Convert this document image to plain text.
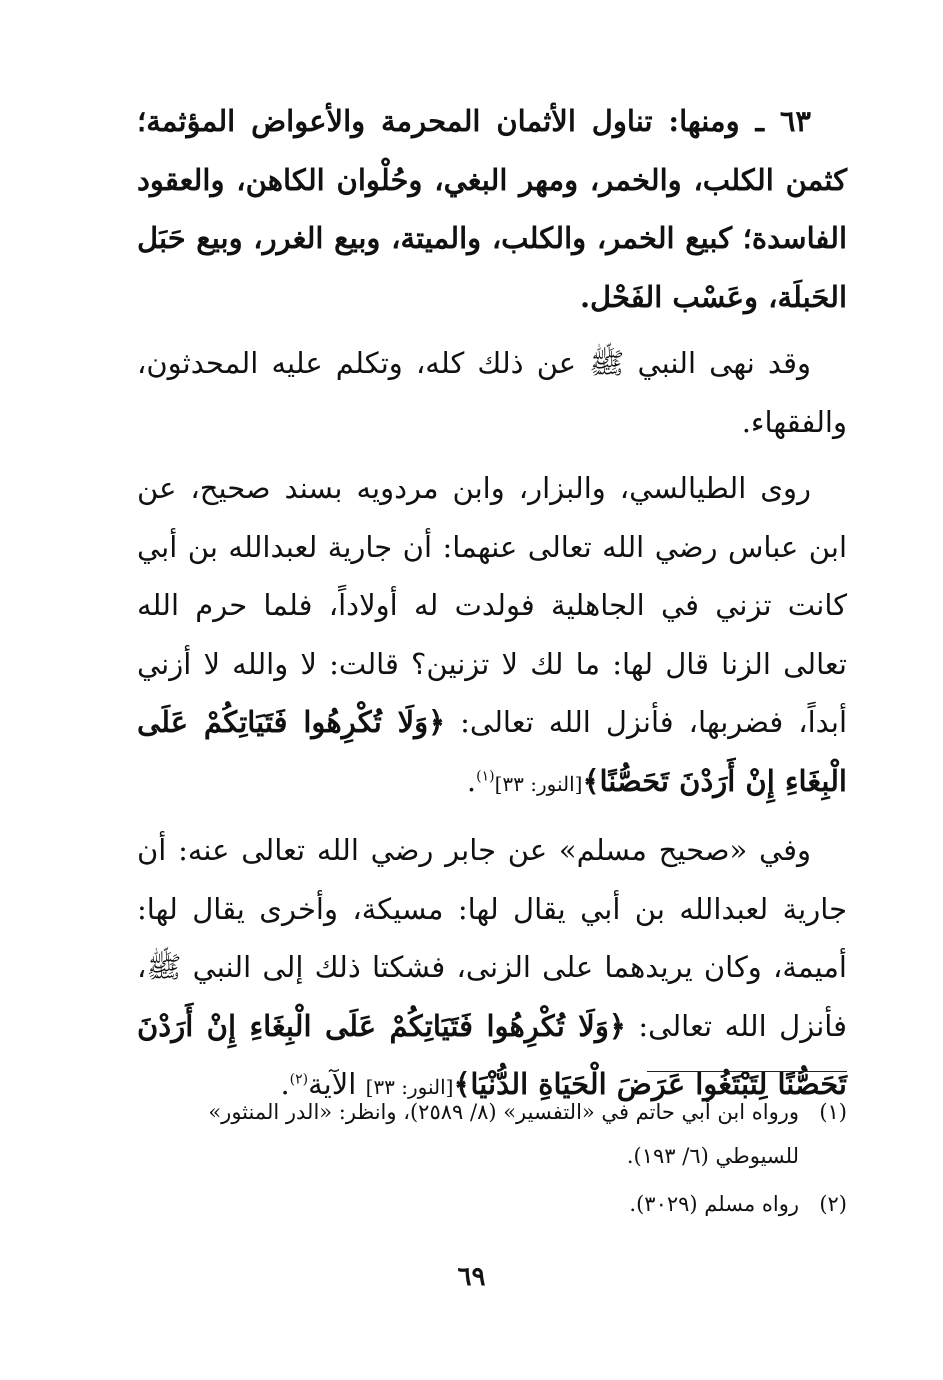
٦٣ ـ ومنها: تناول الأثمان المحرمة والأعواض المؤثمة؛ كثمن الكلب، والخمر، ومهر البغي، وحُلْوان الكاهن، والعقود الفاسدة؛ كبيع الخمر، والكلب، والميتة، وبيع الغرر، وبيع حَبَل الحَبلَة، وعَسْب الفَحْل.

وقد نهى النبي ﷺ عن ذلك كله، وتكلم عليه المحدثون، والفقهاء.

روى الطيالسي، والبزار، وابن مردويه بسند صحيح، عن ابن عباس رضي الله تعالى عنهما: أن جارية لعبدالله بن أبي كانت تزني في الجاهلية فولدت له أولاداً، فلما حرم الله تعالى الزنا قال لها: ما لك لا تزنين؟ قالت: لا والله لا أزني أبداً، فضربها، فأنزل الله تعالى: ﴿وَلَا تُكْرِهُوا فَتَيَاتِكُمْ عَلَى الْبِغَاءِ إِنْ أَرَدْنَ تَحَصُّنًا﴾[النور: ٣٣]$^{(١)}$.

وفي «صحيح مسلم» عن جابر رضي الله تعالى عنه: أن جارية لعبدالله بن أبي يقال لها: مسيكة، وأخرى يقال لها: أميمة، وكان يريدهما على الزنى، فشكتا ذلك إلى النبي ﷺ، فأنزل الله تعالى: ﴿وَلَا تُكْرِهُوا فَتَيَاتِكُمْ عَلَى الْبِغَاءِ إِنْ أَرَدْنَ تَحَصُّنًا لِتَبْتَغُوا عَرَضَ الْحَيَاةِ الدُّنْيَا﴾[النور: ٣٣] الآية$^{(٢)}$.

(١)
ورواه ابن أبي حاتم في «التفسير» (٨/ ٢٥٨٩)، وانظر: «الدر المنثور» للسيوطي (٦/ ١٩٣).
(٢)
رواه مسلم (٣٠٢٩).
٦٩
